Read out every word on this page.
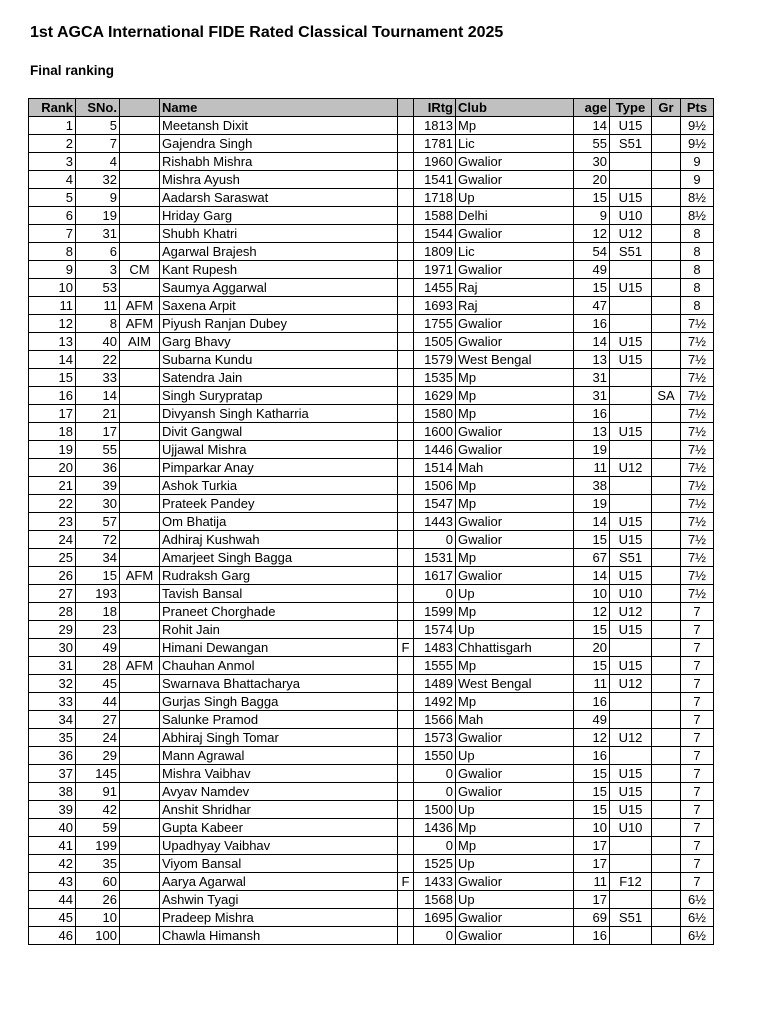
1st AGCA International FIDE Rated Classical Tournament 2025
Final ranking
Rank	SNo.		Name		IRtg	Club	age	Type	Gr	Pts
1	5		Meetansh Dixit		1813	Mp	14	U15		9½
2	7		Gajendra Singh		1781	Lic	55	S51		9½
3	4		Rishabh Mishra		1960	Gwalior	30			9
4	32		Mishra Ayush		1541	Gwalior	20			9
5	9		Aadarsh Saraswat		1718	Up	15	U15		8½
6	19		Hriday Garg		1588	Delhi	9	U10		8½
7	31		Shubh Khatri		1544	Gwalior	12	U12		8
8	6		Agarwal Brajesh		1809	Lic	54	S51		8
9	3	CM	Kant Rupesh		1971	Gwalior	49			8
10	53		Saumya Aggarwal		1455	Raj	15	U15		8
11	11	AFM	Saxena Arpit		1693	Raj	47			8
12	8	AFM	Piyush Ranjan Dubey		1755	Gwalior	16			7½
13	40	AIM	Garg Bhavy		1505	Gwalior	14	U15		7½
14	22		Subarna Kundu		1579	West Bengal	13	U15		7½
15	33		Satendra Jain		1535	Mp	31			7½
16	14		Singh Surypratap		1629	Mp	31		SA	7½
17	21		Divyansh Singh Katharria		1580	Mp	16			7½
18	17		Divit Gangwal		1600	Gwalior	13	U15		7½
19	55		Ujjawal Mishra		1446	Gwalior	19			7½
20	36		Pimparkar Anay		1514	Mah	11	U12		7½
21	39		Ashok Turkia		1506	Mp	38			7½
22	30		Prateek Pandey		1547	Mp	19			7½
23	57		Om Bhatija		1443	Gwalior	14	U15		7½
24	72		Adhiraj Kushwah		0	Gwalior	15	U15		7½
25	34		Amarjeet Singh Bagga		1531	Mp	67	S51		7½
26	15	AFM	Rudraksh Garg		1617	Gwalior	14	U15		7½
27	193		Tavish Bansal		0	Up	10	U10		7½
28	18		Praneet Chorghade		1599	Mp	12	U12		7
29	23		Rohit Jain		1574	Up	15	U15		7
30	49		Himani Dewangan	F	1483	Chhattisgarh	20			7
31	28	AFM	Chauhan Anmol		1555	Mp	15	U15		7
32	45		Swarnava Bhattacharya		1489	West Bengal	11	U12		7
33	44		Gurjas Singh Bagga		1492	Mp	16			7
34	27		Salunke Pramod		1566	Mah	49			7
35	24		Abhiraj Singh Tomar		1573	Gwalior	12	U12		7
36	29		Mann Agrawal		1550	Up	16			7
37	145		Mishra Vaibhav		0	Gwalior	15	U15		7
38	91		Avyav Namdev		0	Gwalior	15	U15		7
39	42		Anshit Shridhar		1500	Up	15	U15		7
40	59		Gupta Kabeer		1436	Mp	10	U10		7
41	199		Upadhyay Vaibhav		0	Mp	17			7
42	35		Viyom Bansal		1525	Up	17			7
43	60		Aarya Agarwal	F	1433	Gwalior	11	F12		7
44	26		Ashwin Tyagi		1568	Up	17			6½
45	10		Pradeep Mishra		1695	Gwalior	69	S51		6½
46	100		Chawla Himansh		0	Gwalior	16			6½
